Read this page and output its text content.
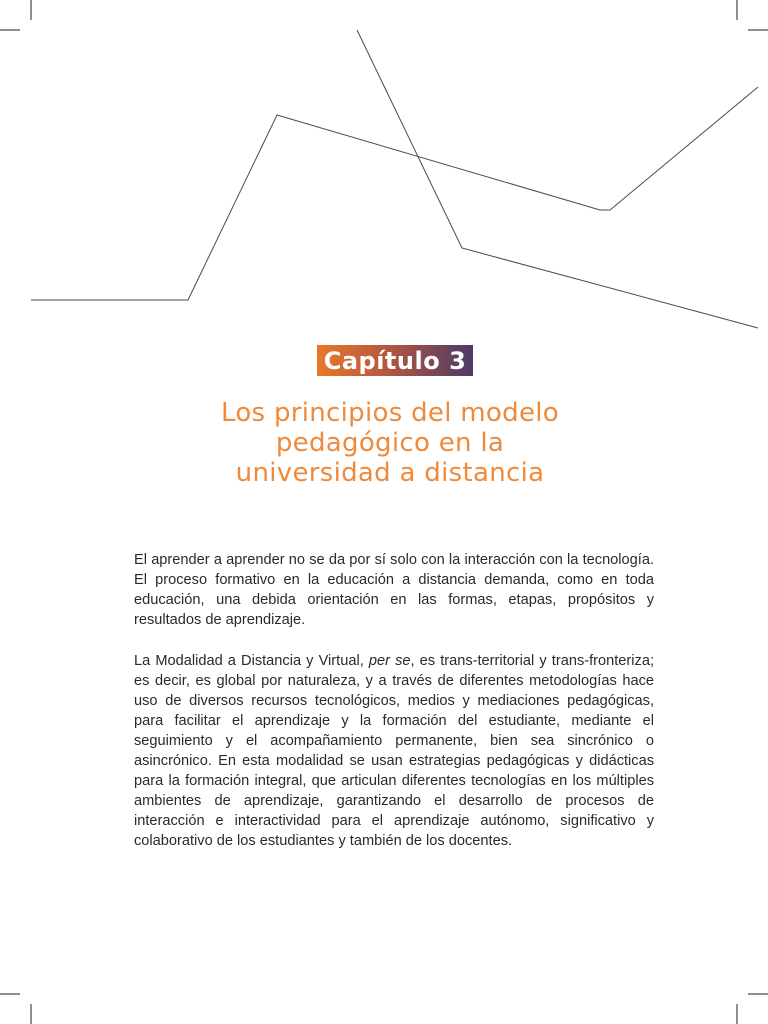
Capítulo 3
Los principios del modelo
pedagógico en la
universidad a distancia

El aprender a aprender no se da por sí solo con la interacción con la tecnología. El proceso formativo en la educación a distancia demanda, como en toda educación, una debida orientación en las formas, etapas, propósitos y resultados de aprendizaje.

La Modalidad a Distancia y Virtual, per se, es trans-territorial y trans-fronteriza; es decir, es global por naturaleza, y a través de diferentes metodologías hace uso de diversos recursos tecnológicos, medios y mediaciones pedagógicas, para facilitar el aprendizaje y la formación del estudiante, mediante el seguimiento y el acompañamiento permanente, bien sea sincrónico o asincrónico. En esta modalidad se usan estrategias pedagógicas y didácticas para la formación integral, que articulan diferentes tecnologías en los múltiples ambientes de aprendizaje, garantizando el desarrollo de procesos de interacción e interactividad para el aprendizaje autónomo, significativo y colaborativo de los estudiantes y también de los docentes.
